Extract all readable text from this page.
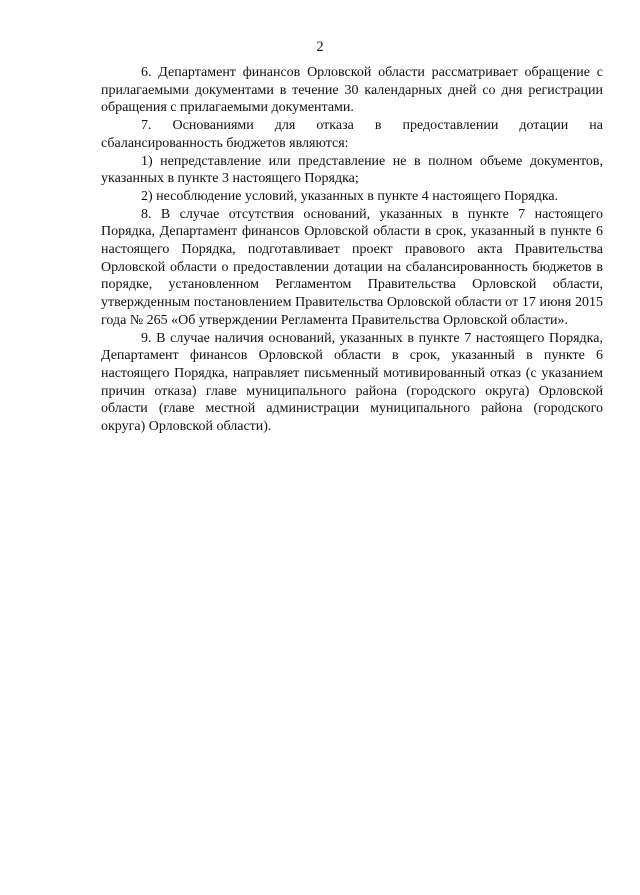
2

6. Департамент финансов Орловской области рассматривает обращение с прилагаемыми документами в течение 30 календарных дней со дня регистрации обращения с прилагаемыми документами.

7. Основаниями для отказа в предоставлении дотации на сбалансированность бюджетов являются:

1) непредставление или представление не в полном объеме документов, указанных в пункте 3 настоящего Порядка;

2) несоблюдение условий, указанных в пункте 4 настоящего Порядка.

8. В случае отсутствия оснований, указанных в пункте 7 настоящего Порядка, Департамент финансов Орловской области в срок, указанный в пункте 6 настоящего Порядка, подготавливает проект правового акта Правительства Орловской области о предоставлении дотации на сбалансированность бюджетов в порядке, установленном Регламентом Правительства Орловской области, утвержденным постановлением Правительства Орловской области от 17 июня 2015 года № 265 «Об утверждении Регламента Правительства Орловской области».

9. В случае наличия оснований, указанных в пункте 7 настоящего Порядка, Департамент финансов Орловской области в срок, указанный в пункте 6 настоящего Порядка, направляет письменный мотивированный отказ (с указанием причин отказа) главе муниципального района (городского округа) Орловской области (главе местной администрации муниципального района (городского округа) Орловской области).
